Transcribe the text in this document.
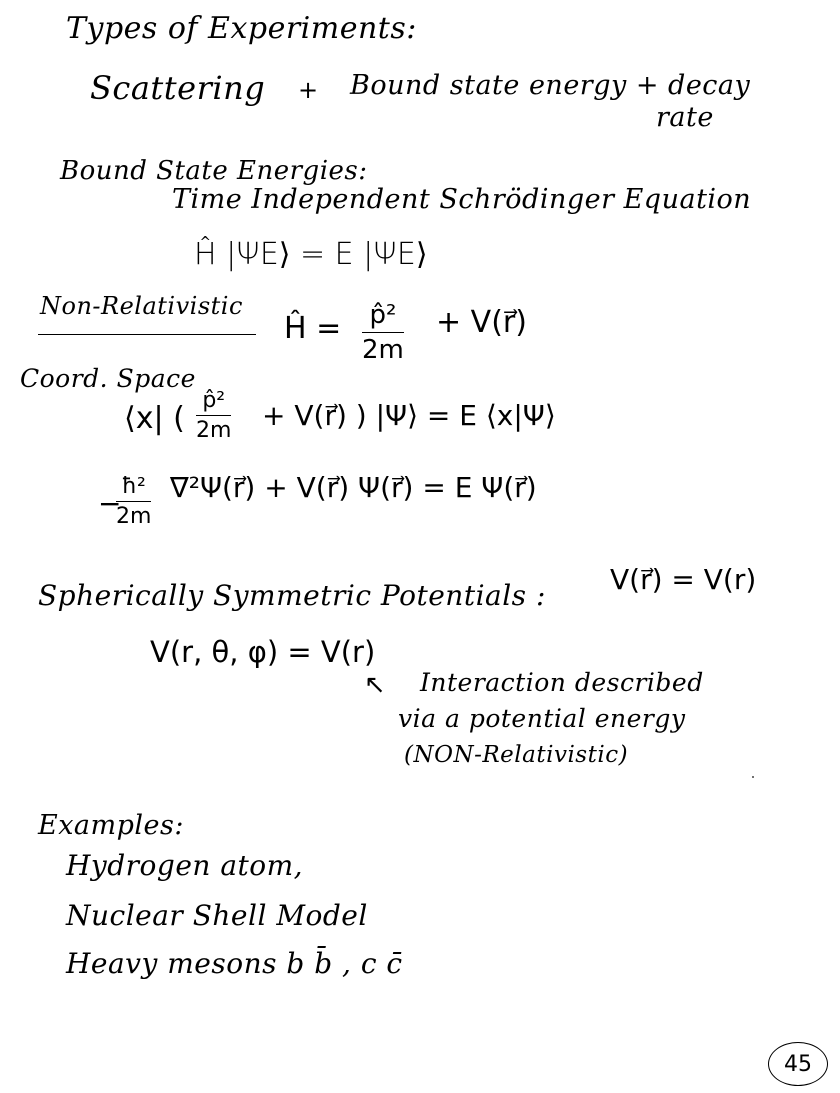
Types of Experiments:
Scattering + Bound state energy + decay
rate
Bound State Energies:
Time Independent Schrödinger Equation
Ĥ |ΨE⟩ = E |ΨE⟩
Non-Relativistic
Ĥ = p̂²
2m
+ V(r⃗)
Coord. Space
⟨x| (
p̂²
2m + V(r⃗) ) |Ψ⟩ = E ⟨x|Ψ⟩
−
ħ²
2m
∇²Ψ(r⃗) + V(r⃗) Ψ(r⃗) = E Ψ(r⃗)
Spherically Symmetric Potentials : V(r⃗) = V(r)
V(r, θ, φ) = V(r)
↖ Interaction described
via a potential energy
(NON-Relativistic)
Examples:
Hydrogen atom,
Nuclear Shell Model
Heavy mesons b b̄ , c c̄
45
